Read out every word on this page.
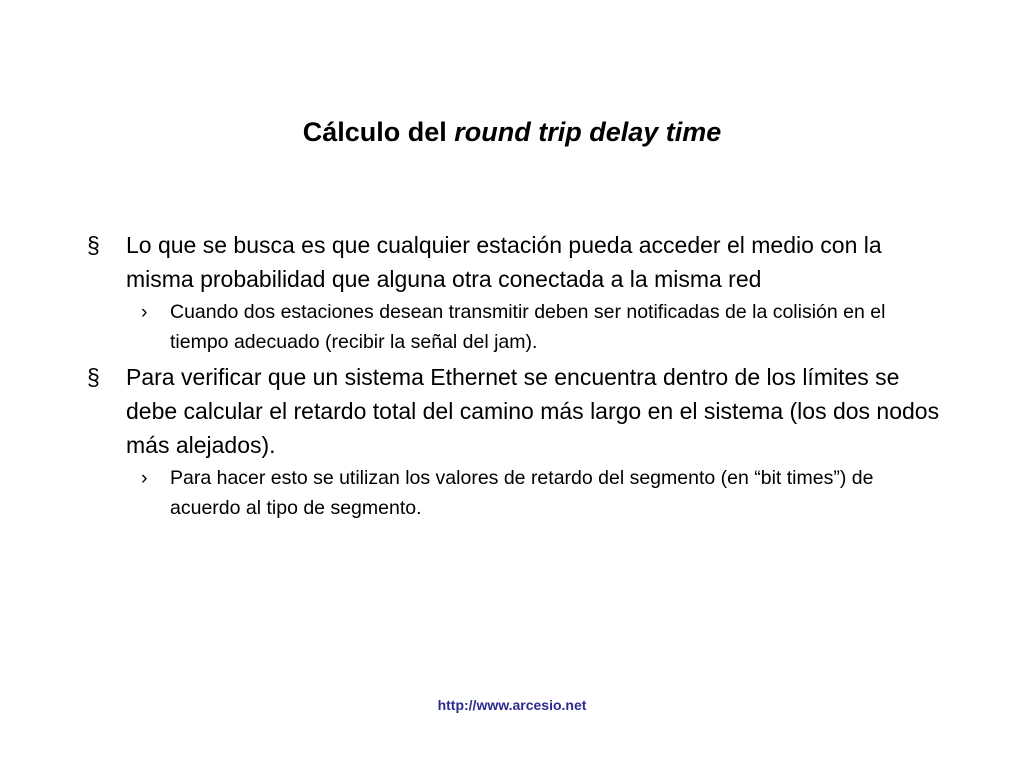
Cálculo del round trip delay time
§ Lo que se busca es que cualquier estación pueda acceder el medio con la misma probabilidad que alguna otra conectada a la misma red
› Cuando dos estaciones desean transmitir deben ser notificadas de la colisión en el tiempo adecuado (recibir la señal del jam).
§ Para verificar que un sistema Ethernet se encuentra dentro de los límites se debe calcular el retardo total del camino más largo en el sistema (los dos nodos más alejados).
› Para hacer esto se utilizan los valores de retardo del segmento (en “bit times”) de acuerdo al tipo de segmento.
http://www.arcesio.net
